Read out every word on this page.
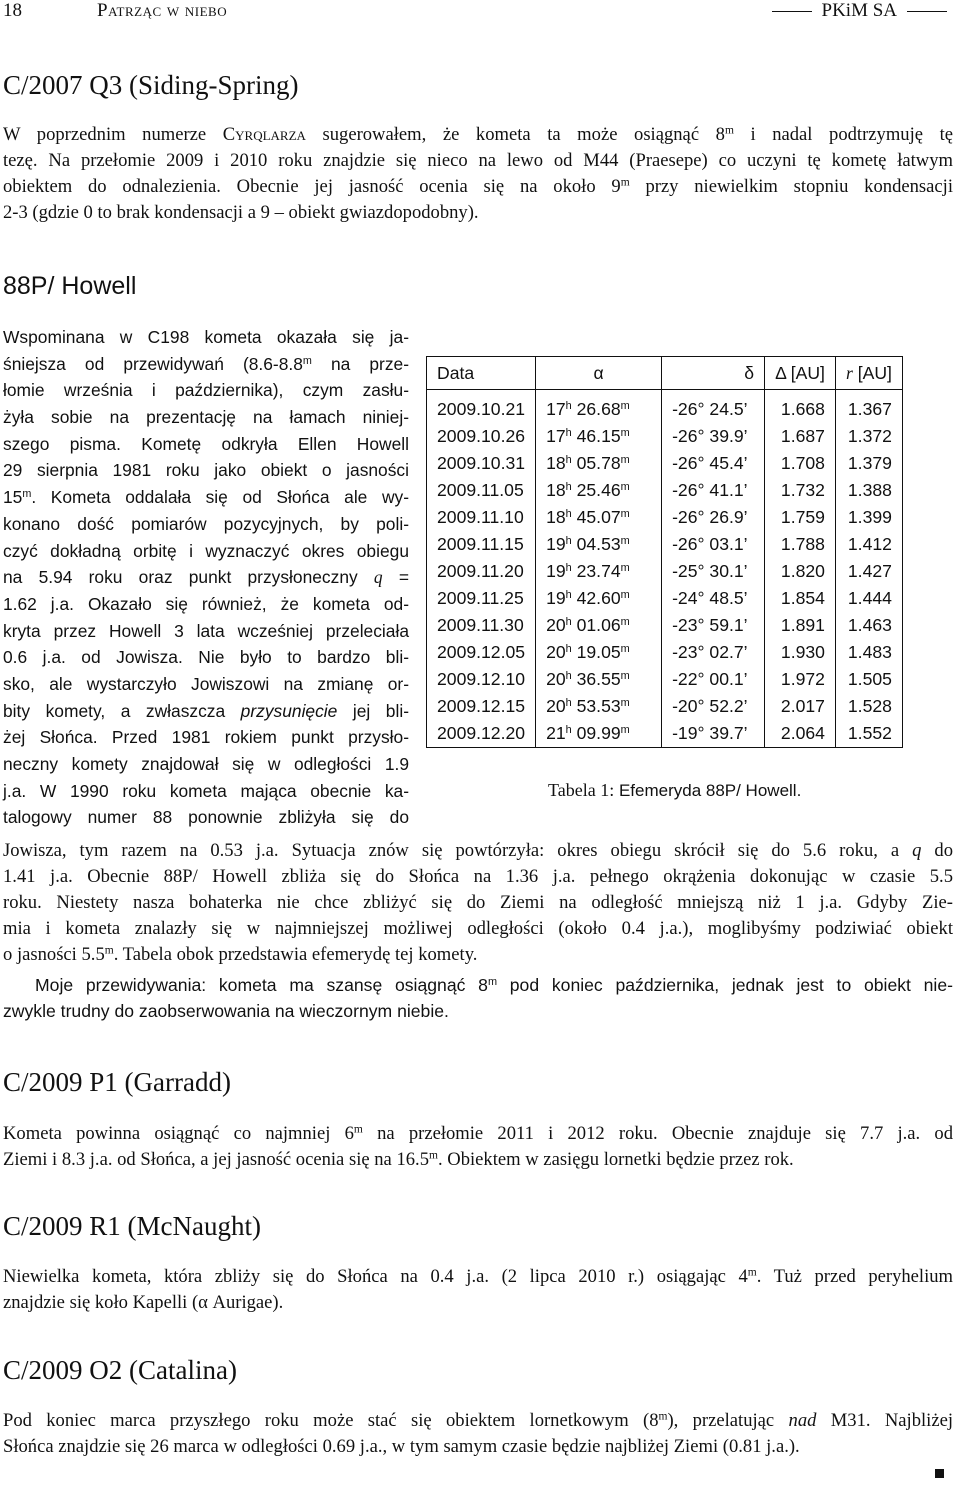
18	Patrząc w niebo	PKiM SA
C/2007 Q3 (Siding-Spring)
W poprzednim numerze Cyrqlarza sugerowałem, że kometa ta może osiągnąć 8$^m$ i nadal podtrzymuję tę
tezę. Na przełomie 2009 i 2010 roku znajdzie się nieco na lewo od M44 (Praesepe) co uczyni tę kometę łatwym
obiektem do odnalezienia. Obecnie jej jasność ocenia się na około 9$^m$ przy niewielkim stopniu kondensacji
2-3 (gdzie 0 to brak kondensacji a 9 – obiekt gwiazdopodobny).
88P/ Howell
Wspominana w C198 kometa okazała się ja-
śniejsza od przewidywań (8.6-8.8$^m$ na prze-
łomie września i października), czym zasłu-
żyła sobie na prezentację na łamach niniej-
szego pisma. Kometę odkryła Ellen Howell
29 sierpnia 1981 roku jako obiekt o jasności
15$^m$. Kometa oddalała się od Słońca ale wy-
konano dość pomiarów pozycyjnych, by poli-
czyć dokładną orbitę i wyznaczyć okres obiegu
na 5.94 roku oraz punkt przysłoneczny q =
1.62 j.a. Okazało się również, że kometa od-
kryta przez Howell 3 lata wcześniej przeleciała
0.6 j.a. od Jowisza. Nie było to bardzo bli-
sko, ale wystarczyło Jowiszowi na zmianę or-
bity komety, a zwłaszcza przysunięcie jej bli-
żej Słońca. Przed 1981 rokiem punkt przysło-
neczny komety znajdował się w odległości 1.9
j.a. W 1990 roku kometa mająca obecnie ka-
talogowy numer 88 ponownie zbliżyła się do
Data	α	δ	Δ [AU]	r [AU]
2009.10.21	17$^h$ 26.68$^m$	-26° 24.5’	1.668	1.367
2009.10.26	17$^h$ 46.15$^m$	-26° 39.9’	1.687	1.372
2009.10.31	18$^h$ 05.78$^m$	-26° 45.4’	1.708	1.379
2009.11.05	18$^h$ 25.46$^m$	-26° 41.1’	1.732	1.388
2009.11.10	18$^h$ 45.07$^m$	-26° 26.9’	1.759	1.399
2009.11.15	19$^h$ 04.53$^m$	-26° 03.1’	1.788	1.412
2009.11.20	19$^h$ 23.74$^m$	-25° 30.1’	1.820	1.427
2009.11.25	19$^h$ 42.60$^m$	-24° 48.5’	1.854	1.444
2009.11.30	20$^h$ 01.06$^m$	-23° 59.1’	1.891	1.463
2009.12.05	20$^h$ 19.05$^m$	-23° 02.7’	1.930	1.483
2009.12.10	20$^h$ 36.55$^m$	-22° 00.1’	1.972	1.505
2009.12.15	20$^h$ 53.53$^m$	-20° 52.2’	2.017	1.528
2009.12.20	21$^h$ 09.99$^m$	-19° 39.7’	2.064	1.552
Tabela 1: Efemeryda 88P/ Howell.
Jowisza, tym razem na 0.53 j.a. Sytuacja znów się powtórzyła: okres obiegu skrócił się do 5.6 roku, a q do
1.41 j.a. Obecnie 88P/ Howell zbliża się do Słońca na 1.36 j.a. pełnego okrążenia dokonując w czasie 5.5
roku. Niestety nasza bohaterka nie chce zbliżyć się do Ziemi na odległość mniejszą niż 1 j.a. Gdyby Zie-
mia i kometa znalazły się w najmniejszej możliwej odległości (około 0.4 j.a.), moglibyśmy podziwiać obiekt
o jasności 5.5$^m$. Tabela obok przedstawia efemerydę tej komety.
Moje przewidywania: kometa ma szansę osiągnąć 8$^m$ pod koniec października, jednak jest to obiekt nie-
zwykle trudny do zaobserwowania na wieczornym niebie.
C/2009 P1 (Garradd)
Kometa powinna osiągnąć co najmniej 6$^m$ na przełomie 2011 i 2012 roku. Obecnie znajduje się 7.7 j.a. od
Ziemi i 8.3 j.a. od Słońca, a jej jasność ocenia się na 16.5$^m$. Obiektem w zasięgu lornetki będzie przez rok.
C/2009 R1 (McNaught)
Niewielka kometa, która zbliży się do Słońca na 0.4 j.a. (2 lipca 2010 r.) osiągając 4$^m$. Tuż przed peryhelium
znajdzie się koło Kapelli (α Aurigae).
C/2009 O2 (Catalina)
Pod koniec marca przyszłego roku może stać się obiektem lornetkowym (8$^m$), przelatując nad M31. Najbliżej
Słońca znajdzie się 26 marca w odległości 0.69 j.a., w tym samym czasie będzie najbliżej Ziemi (0.81 j.a.).
